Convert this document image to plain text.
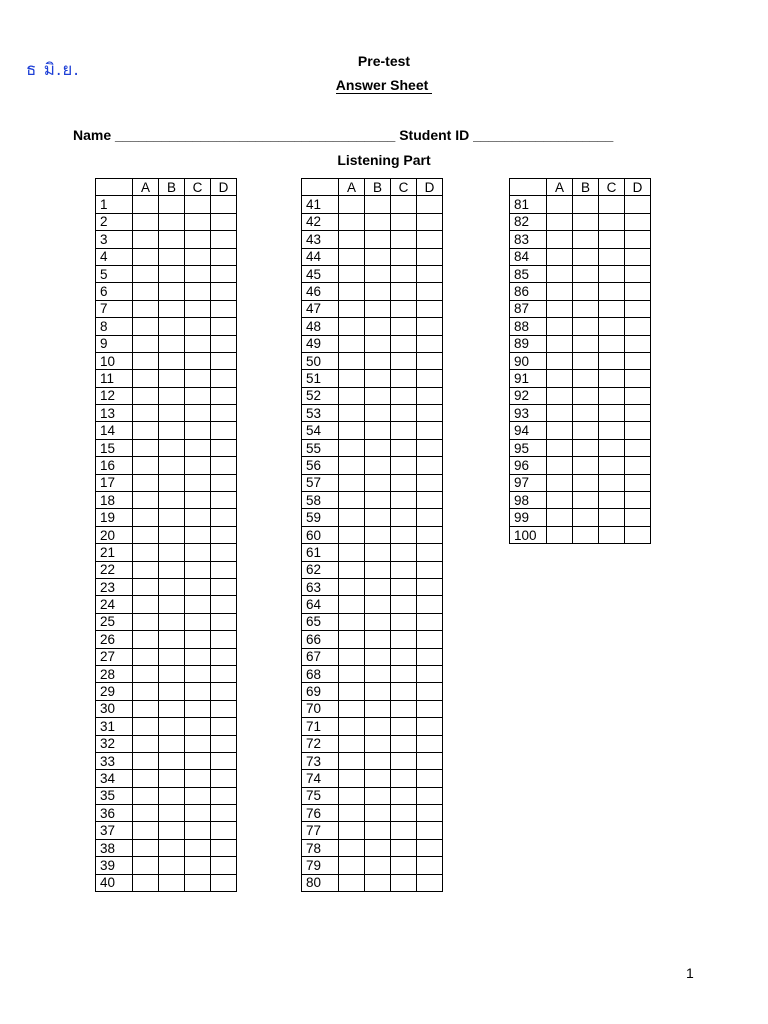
ธ มิ.ย.	Pre-test
Answer Sheet
Name ____________________________________ Student ID __________________
Listening Part
	A	B	C	D
1				
2				
3				
4				
5				
6				
7				
8				
9				
10				
11				
12				
13				
14				
15				
16				
17				
18				
19				
20				
21				
22				
23				
24				
25				
26				
27				
28				
29				
30				
31				
32				
33				
34				
35				
36				
37				
38				
39				
40				
	A	B	C	D
41				
42				
43				
44				
45				
46				
47				
48				
49				
50				
51				
52				
53				
54				
55				
56				
57				
58				
59				
60				
61				
62				
63				
64				
65				
66				
67				
68				
69				
70				
71				
72				
73				
74				
75				
76				
77				
78				
79				
80				
	A	B	C	D
81				
82				
83				
84				
85				
86				
87				
88				
89				
90				
91				
92				
93				
94				
95				
96				
97				
98				
99				
100				
1
